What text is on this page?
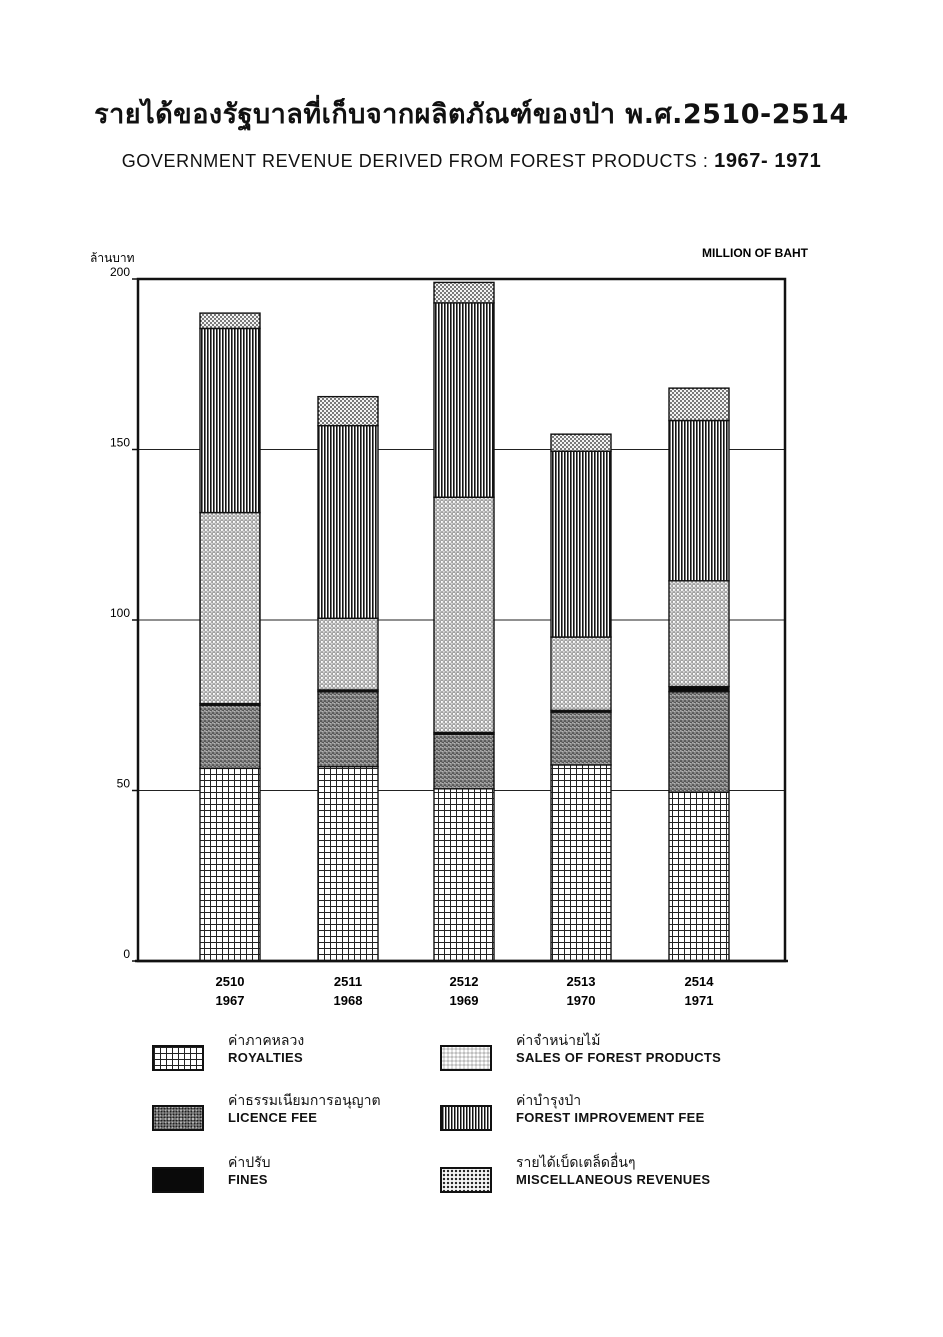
รายได้ของรัฐบาลที่เก็บจากผลิตภัณฑ์ของป่า พ.ศ.2510-2514
GOVERNMENT REVENUE DERIVED FROM FOREST PRODUCTS : 1967- 1971
0
50
100
150
200
2510
1967
2511
1968
2512
1969
2513
1970
2514
1971
ล้านบาท	MILLION OF BAHT
ค่าภาคหลวง
ROYALTIES
ค่าจำหน่ายไม้
SALES OF FOREST PRODUCTS
ค่าธรรมเนียมการอนุญาต
LICENCE FEE
ค่าบำรุงป่า
FOREST IMPROVEMENT FEE
ค่าปรับ
FINES
รายได้เบ็ดเตล็ดอื่นๆ
MISCELLANEOUS REVENUES
